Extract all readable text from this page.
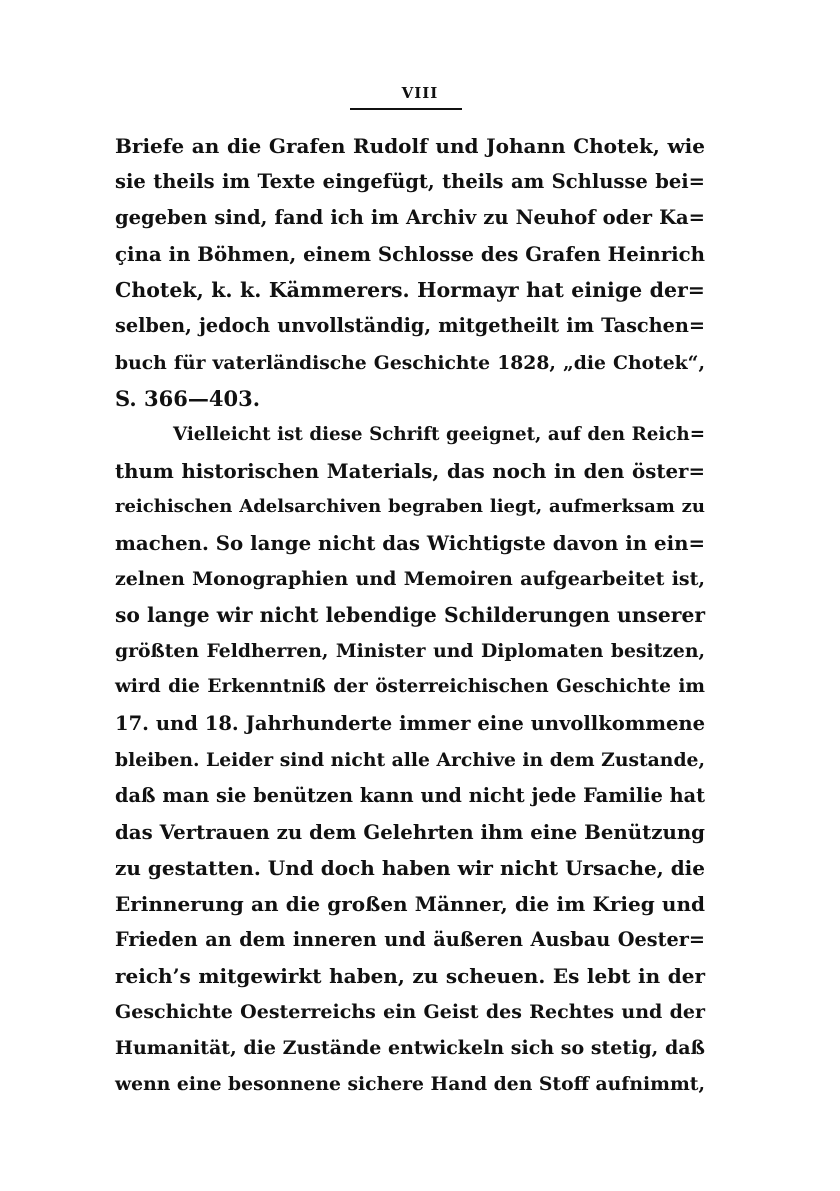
VIII
Briefe an die Grafen Rudolf und Johann Chotek, wie
sie theils im Texte eingefügt, theils am Schlusse bei=
gegeben sind, fand ich im Archiv zu Neuhof oder Ka=
çina in Böhmen, einem Schlosse des Grafen Heinrich
Chotek, k. k. Kämmerers. Hormayr hat einige der=
selben, jedoch unvollständig, mitgetheilt im Taschen=
buch für vaterländische Geschichte 1828, „die Chotek“,
S. 366—403.
Vielleicht ist diese Schrift geeignet, auf den Reich=
thum historischen Materials, das noch in den öster=
reichischen Adelsarchiven begraben liegt, aufmerksam zu
machen. So lange nicht das Wichtigste davon in ein=
zelnen Monographien und Memoiren aufgearbeitet ist,
so lange wir nicht lebendige Schilderungen unserer
größten Feldherren, Minister und Diplomaten besitzen,
wird die Erkenntniß der österreichischen Geschichte im
17. und 18. Jahrhunderte immer eine unvollkommene
bleiben. Leider sind nicht alle Archive in dem Zustande,
daß man sie benützen kann und nicht jede Familie hat
das Vertrauen zu dem Gelehrten ihm eine Benützung
zu gestatten. Und doch haben wir nicht Ursache, die
Erinnerung an die großen Männer, die im Krieg und
Frieden an dem inneren und äußeren Ausbau Oester=
reich’s mitgewirkt haben, zu scheuen. Es lebt in der
Geschichte Oesterreichs ein Geist des Rechtes und der
Humanität, die Zustände entwickeln sich so stetig, daß
wenn eine besonnene sichere Hand den Stoff aufnimmt,
